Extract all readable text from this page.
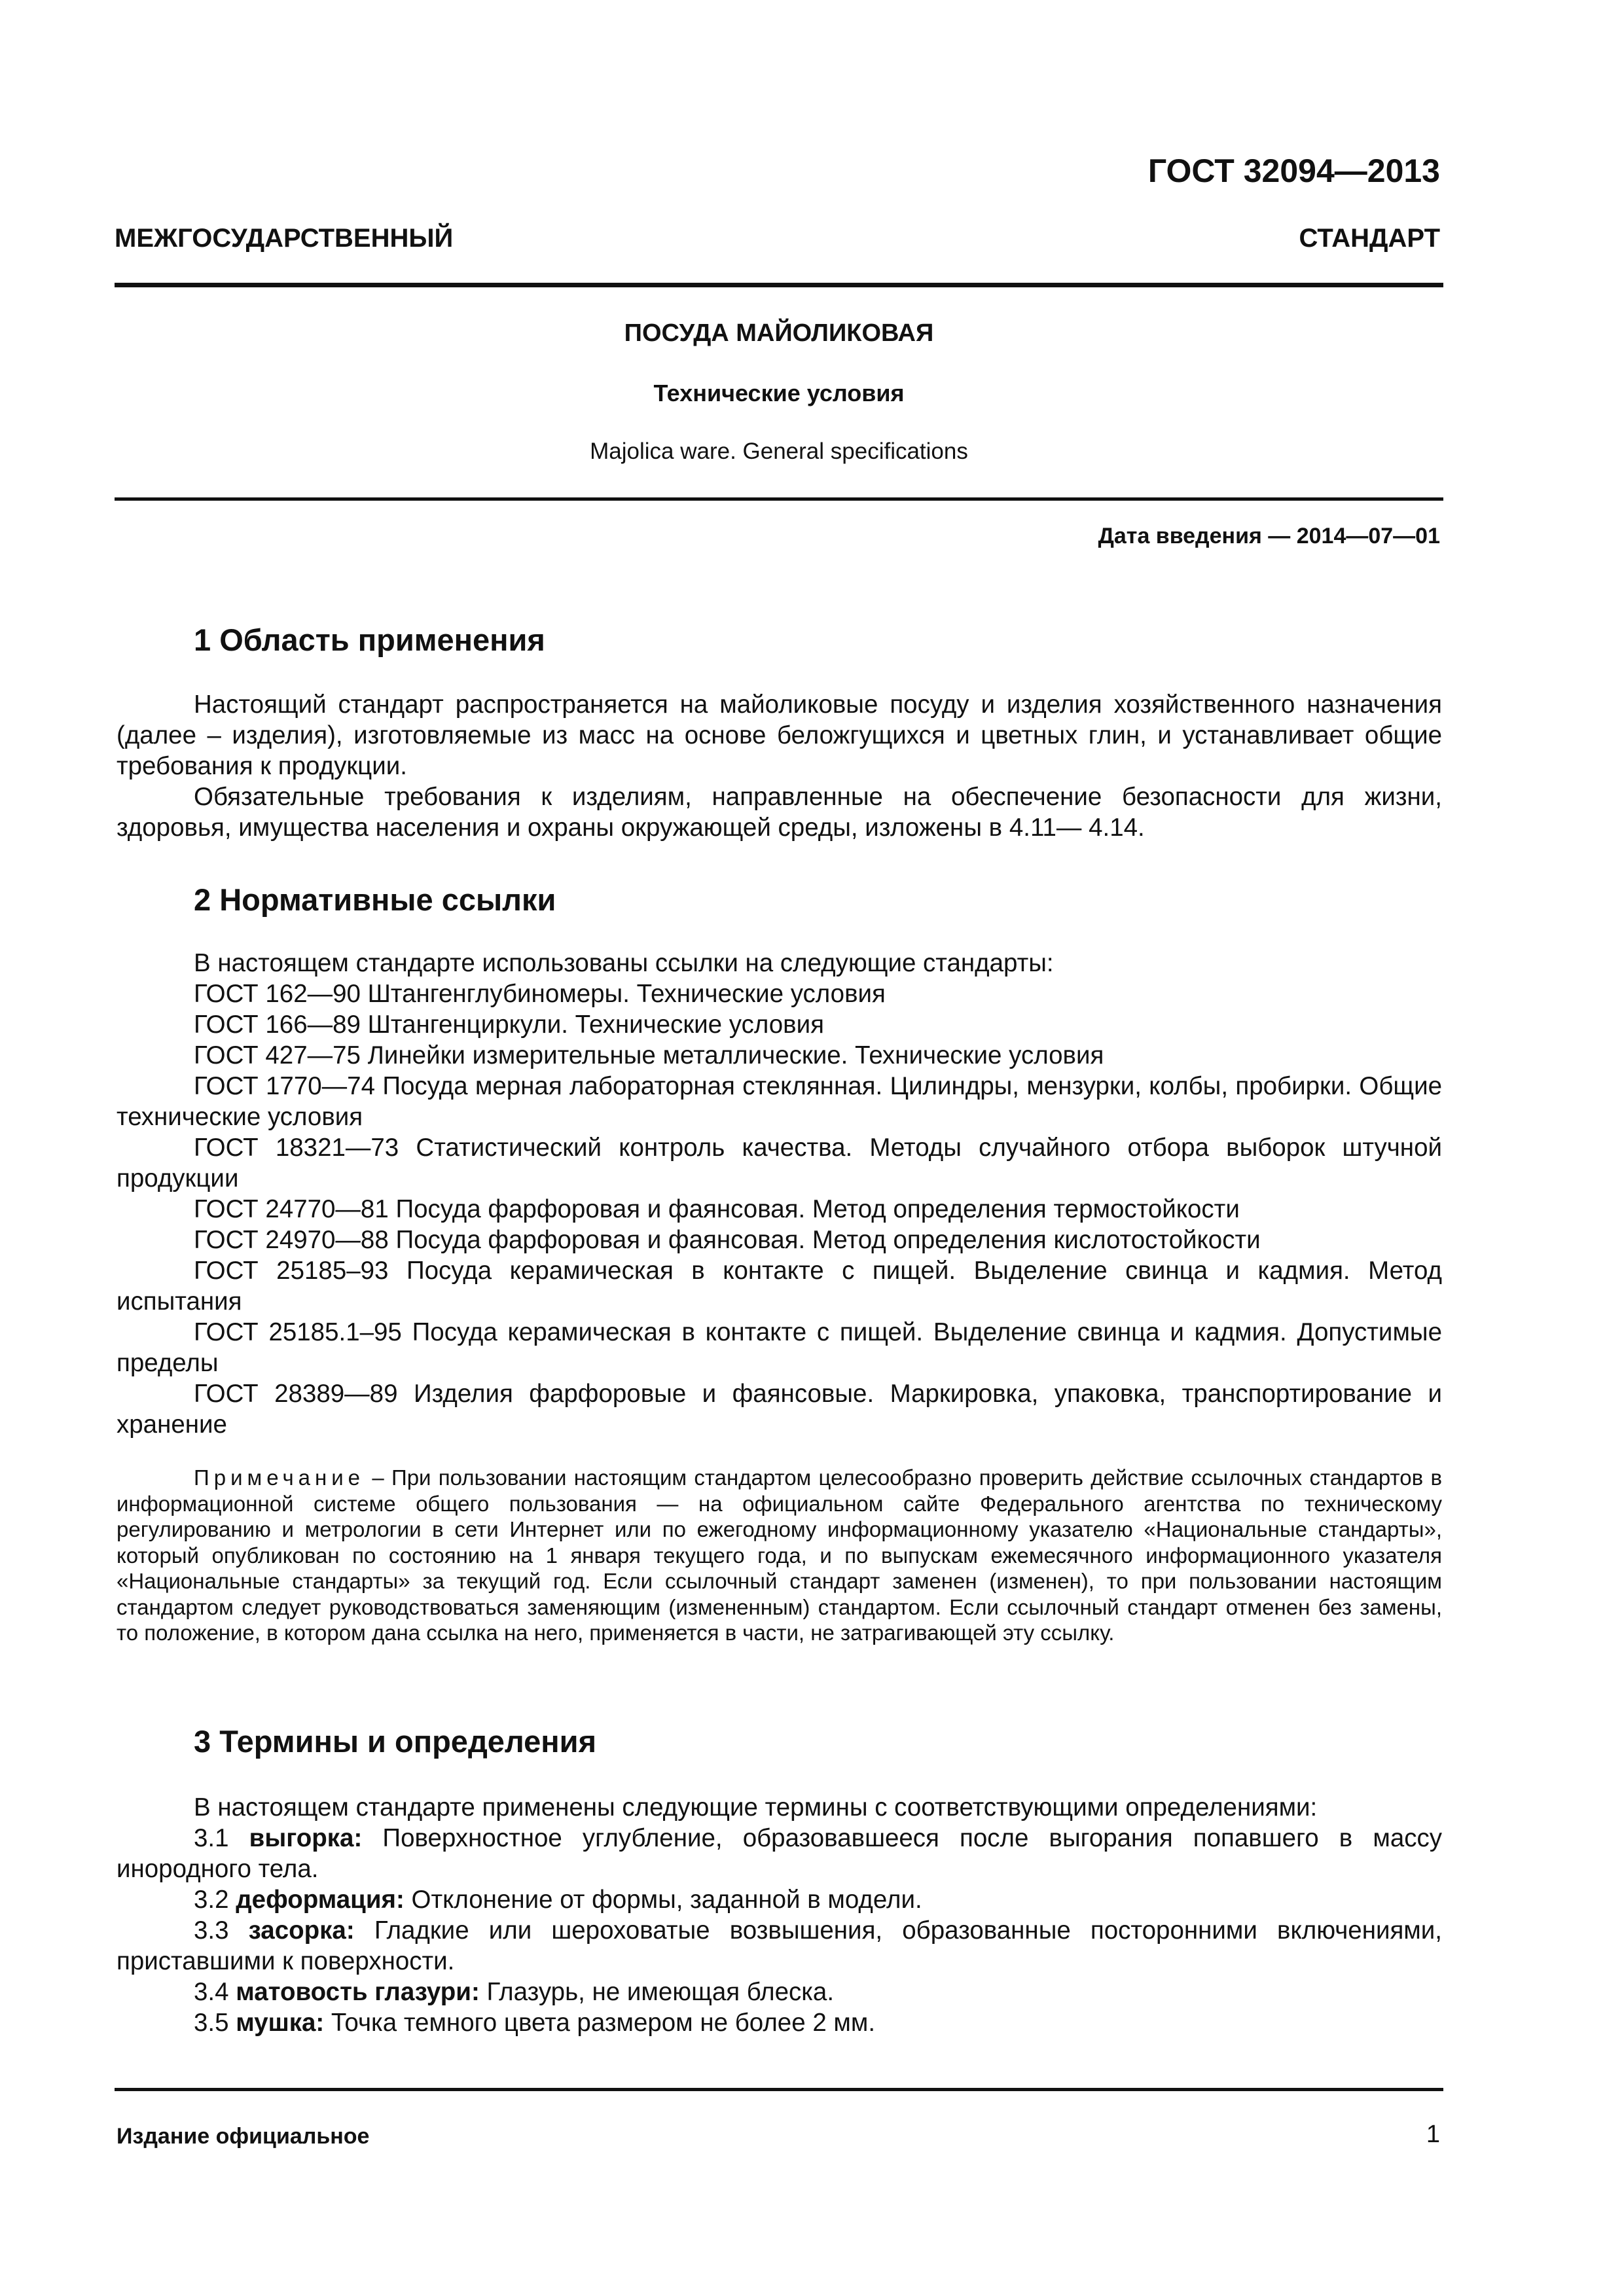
ГОСТ 32094—2013
МЕЖГОСУДАРСТВЕННЫЙ	СТАНДАРТ
ПОСУДА МАЙОЛИКОВАЯ
Технические условия
Majolica ware. General specifications
Дата введения — 2014—07—01
1 Область применения

Настоящий стандарт распространяется на майоликовые посуду и изделия хозяйственного назначения (далее – изделия), изготовляемые из масс на основе беложгущихся и цветных глин, и устанавливает общие требования к продукции.

Обязательные требования к изделиям, направленные на обеспечение безопасности для жизни, здоровья, имущества населения и охраны окружающей среды, изложены в 4.11— 4.14.

2 Нормативные ссылки

В настоящем стандарте использованы ссылки на следующие стандарты:

ГОСТ 162—90 Штангенглубиномеры. Технические условия

ГОСТ 166—89 Штангенциркули. Технические условия

ГОСТ 427—75 Линейки измерительные металлические. Технические условия

ГОСТ 1770—74 Посуда мерная лабораторная стеклянная. Цилиндры, мензурки, колбы, пробирки. Общие технические условия

ГОСТ 18321—73 Статистический контроль качества. Методы случайного отбора выборок штучной продукции

ГОСТ 24770—81 Посуда фарфоровая и фаянсовая. Метод определения термостойкости

ГОСТ 24970—88 Посуда фарфоровая и фаянсовая. Метод определения кислотостойкости

ГОСТ 25185–93 Посуда керамическая в контакте с пищей. Выделение свинца и кадмия. Метод испытания

ГОСТ 25185.1–95 Посуда керамическая в контакте с пищей. Выделение свинца и кадмия. Допустимые пределы

ГОСТ 28389—89 Изделия фарфоровые и фаянсовые. Маркировка, упаковка, транспортирование и хранение

Примечание – При пользовании настоящим стандартом целесообразно проверить действие ссылочных стандартов в информационной системе общего пользования — на официальном сайте Федерального агентства по техническому регулированию и метрологии в сети Интернет или по ежегодному информационному указателю «Национальные стандарты», который опубликован по состоянию на 1 января текущего года, и по выпускам ежемесячного информационного указателя «Национальные стандарты» за текущий год. Если ссылочный стандарт заменен (изменен), то при пользовании настоящим стандартом следует руководствоваться заменяющим (измененным) стандартом. Если ссылочный стандарт отменен без замены, то положение, в котором дана ссылка на него, применяется в части, не затрагивающей эту ссылку.
3 Термины и определения

В настоящем стандарте применены следующие термины с соответствующими определениями:

3.1 выгорка: Поверхностное углубление, образовавшееся после выгорания попавшего в массу инородного тела.

3.2 деформация: Отклонение от формы, заданной в модели.

3.3 засорка: Гладкие или шероховатые возвышения, образованные посторонними включениями, приставшими к поверхности.

3.4 матовость глазури: Глазурь, не имеющая блеска.

3.5 мушка: Точка темного цвета размером не более 2 мм.

Издание официальное	1
